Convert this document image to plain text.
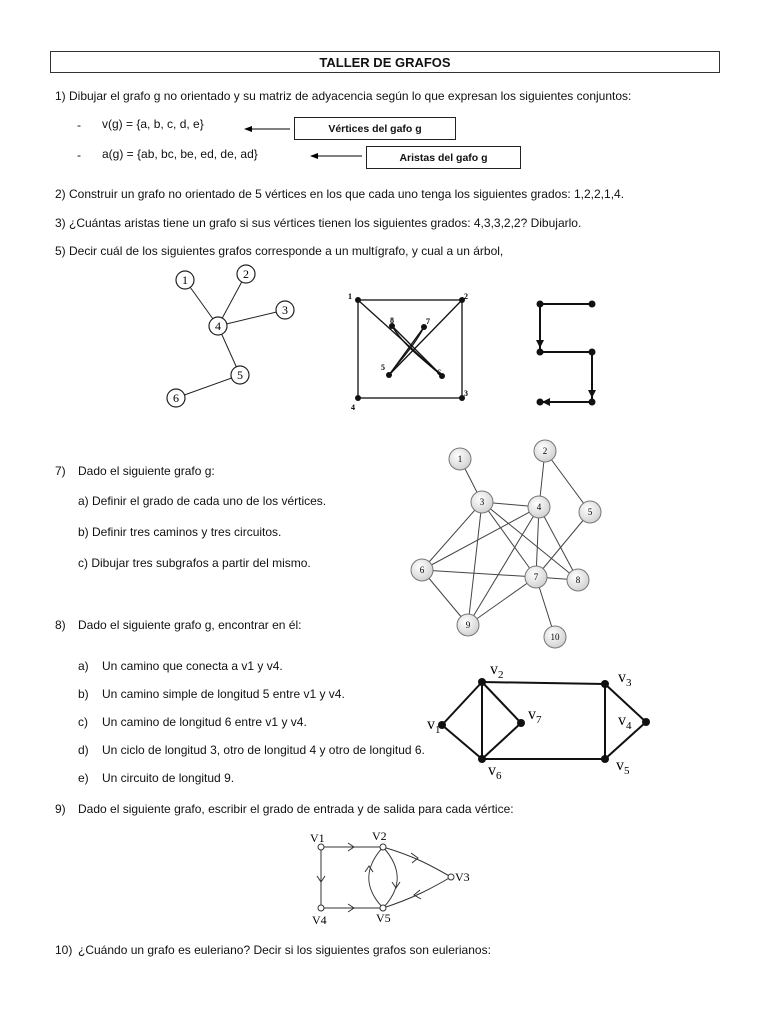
TALLER DE GRAFOS
1) Dibujar el grafo g no orientado y su matriz de adyacencia según lo que expresan los siguientes conjuntos:
- v(g) = {a, b, c, d, e}
- a(g) = {ab, bc, be, ed, de, ad}
Vértices del gafo g
Aristas del gafo g
2) Construir un grafo no orientado de 5 vértices en los que cada uno tenga los siguientes grados: 1,2,2,1,4.
3) ¿Cuántas aristas tiene un grafo si sus vértices tienen los siguientes grados: 4,3,3,2,2? Dibujarlo.
5) Decir cuál de los siguientes grafos corresponde a un multígrafo, y cual a un árbol,
1	2
3
4
5
6
1	2
3
4
5
6
7
8
7) Dado el siguiente grafo g:
a) Definir el grado de cada uno de los vértices.
b) Definir tres caminos y tres circuitos.
c) Dibujar tres subgrafos a partir del mismo.
1
2
3	4	5
6
7	8
9
10
8) Dado el siguiente grafo g, encontrar en él:
a) Un camino que conecta a v1 y v4.
b) Un camino simple de longitud 5 entre v1 y v4.
c) Un camino de longitud 6 entre v1 y v4.
d) Un ciclo de longitud 3, otro de longitud 4 y otro de longitud 6.
e) Un circuito de longitud 9.
$v_1$
$v_2$	$v_3$
$v_4$
$v_5$
$v_6$
$v_7$
9) Dado el siguiente grafo, escribir el grado de entrada y de salida para cada vértice:
V1	V2
V3
V4	V5
10) ¿Cuándo un grafo es euleriano? Decir si los siguientes grafos son eulerianos:
